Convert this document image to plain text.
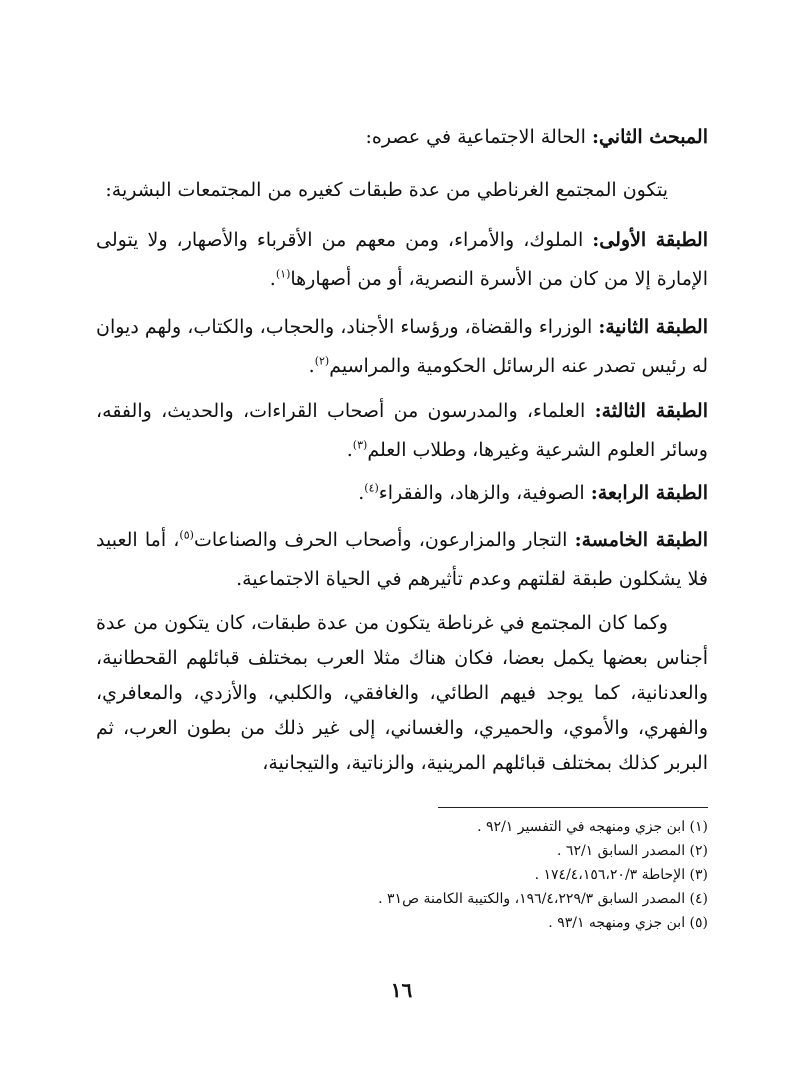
المبحث الثاني: الحالة الاجتماعية في عصره:
يتكون المجتمع الغرناطي من عدة طبقات كغيره من المجتمعات البشرية:
الطبقة الأولى: الملوك، والأمراء، ومن معهم من الأقرباء والأصهار، ولا يتولى الإمارة إلا من كان من الأسرة النصرية، أو من أصهارها$^{(١)}$.
الطبقة الثانية: الوزراء والقضاة، ورؤساء الأجناد، والحجاب، والكتاب، ولهم ديوان له رئيس تصدر عنه الرسائل الحكومية والمراسيم$^{(٢)}$.
الطبقة الثالثة: العلماء، والمدرسون من أصحاب القراءات، والحديث، والفقه، وسائر العلوم الشرعية وغيرها، وطلاب العلم$^{(٣)}$.
الطبقة الرابعة: الصوفية، والزهاد، والفقراء$^{(٤)}$.
الطبقة الخامسة: التجار والمزارعون، وأصحاب الحرف والصناعات$^{(٥)}$، أما العبيد فلا يشكلون طبقة لقلتهم وعدم تأثيرهم في الحياة الاجتماعية.
وكما كان المجتمع في غرناطة يتكون من عدة طبقات، كان يتكون من عدة أجناس بعضها يكمل بعضا، فكان هناك مثلا العرب بمختلف قبائلهم القحطانية، والعدنانية، كما يوجد فيهم الطائي، والغافقي، والكلبي، والأزدي، والمعافري، والفهري، والأموي، والحميري، والغساني، إلى غير ذلك من بطون العرب، ثم البربر كذلك بمختلف قبائلهم المرينية، والزناتية، والتيجانية،
(١) ابن جزي ومنهجه في التفسير ٩٢/١ .
(٢) المصدر السابق ٦٢/١ .
(٣) الإحاطة ١٧٤/٤،١٥٦،٢٠/٣ .
(٤) المصدر السابق ١٩٦/٤،٢٢٩/٣، والكتيبة الكامنة ص٣١ .
(٥) ابن جزي ومنهجه ٩٣/١ .
١٦
